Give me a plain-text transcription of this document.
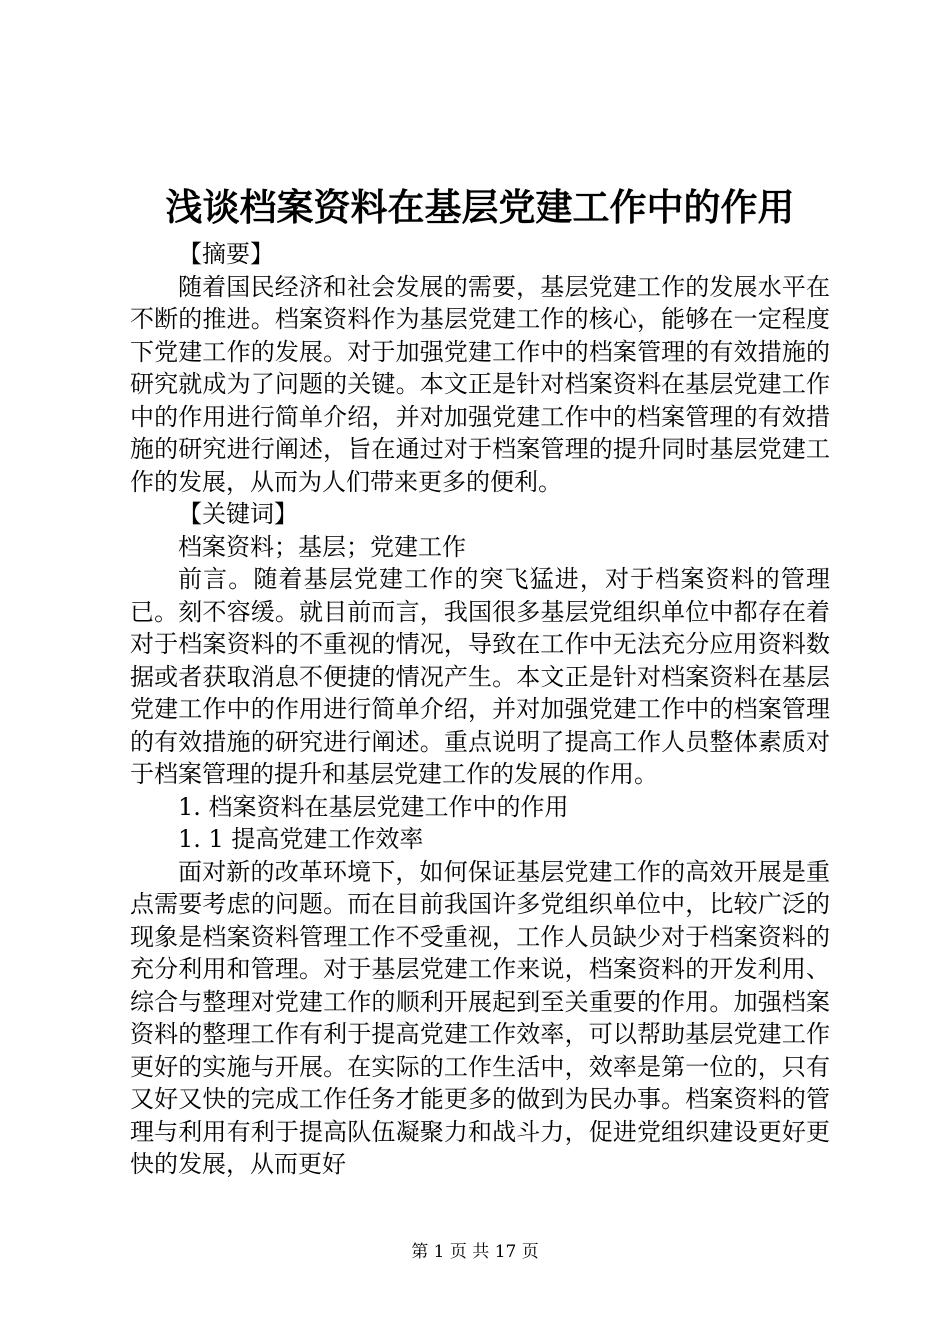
浅谈档案资料在基层党建工作中的作用

【摘要】

随着国民经济和社会发展的需要，基层党建工作的发展水平在不断的推进。档案资料作为基层党建工作的核心，能够在一定程度下党建工作的发展。对于加强党建工作中的档案管理的有效措施的研究就成为了问题的关键。本文正是针对档案资料在基层党建工作中的作用进行简单介绍，并对加强党建工作中的档案管理的有效措施的研究进行阐述，旨在通过对于档案管理的提升同时基层党建工作的发展，从而为人们带来更多的便利。

【关键词】

档案资料；基层；党建工作

前言。随着基层党建工作的突飞猛进，对于档案资料的管理已。刻不容缓。就目前而言，我国很多基层党组织单位中都存在着对于档案资料的不重视的情况，导致在工作中无法充分应用资料数据或者获取消息不便捷的情况产生。本文正是针对档案资料在基层党建工作中的作用进行简单介绍，并对加强党建工作中的档案管理的有效措施的研究进行阐述。重点说明了提高工作人员整体素质对于档案管理的提升和基层党建工作的发展的作用。

1. 档案资料在基层党建工作中的作用

1. 1 提高党建工作效率

面对新的改革环境下，如何保证基层党建工作的高效开展是重点需要考虑的问题。而在目前我国许多党组织单位中，比较广泛的现象是档案资料管理工作不受重视，工作人员缺少对于档案资料的充分利用和管理。对于基层党建工作来说，档案资料的开发利用、综合与整理对党建工作的顺利开展起到至关重要的作用。加强档案资料的整理工作有利于提高党建工作效率，可以帮助基层党建工作更好的实施与开展。在实际的工作生活中，效率是第一位的，只有又好又快的完成工作任务才能更多的做到为民办事。档案资料的管理与利用有利于提高队伍凝聚力和战斗力，促进党组织建设更好更快的发展，从而更好

第 1 页 共 17 页
